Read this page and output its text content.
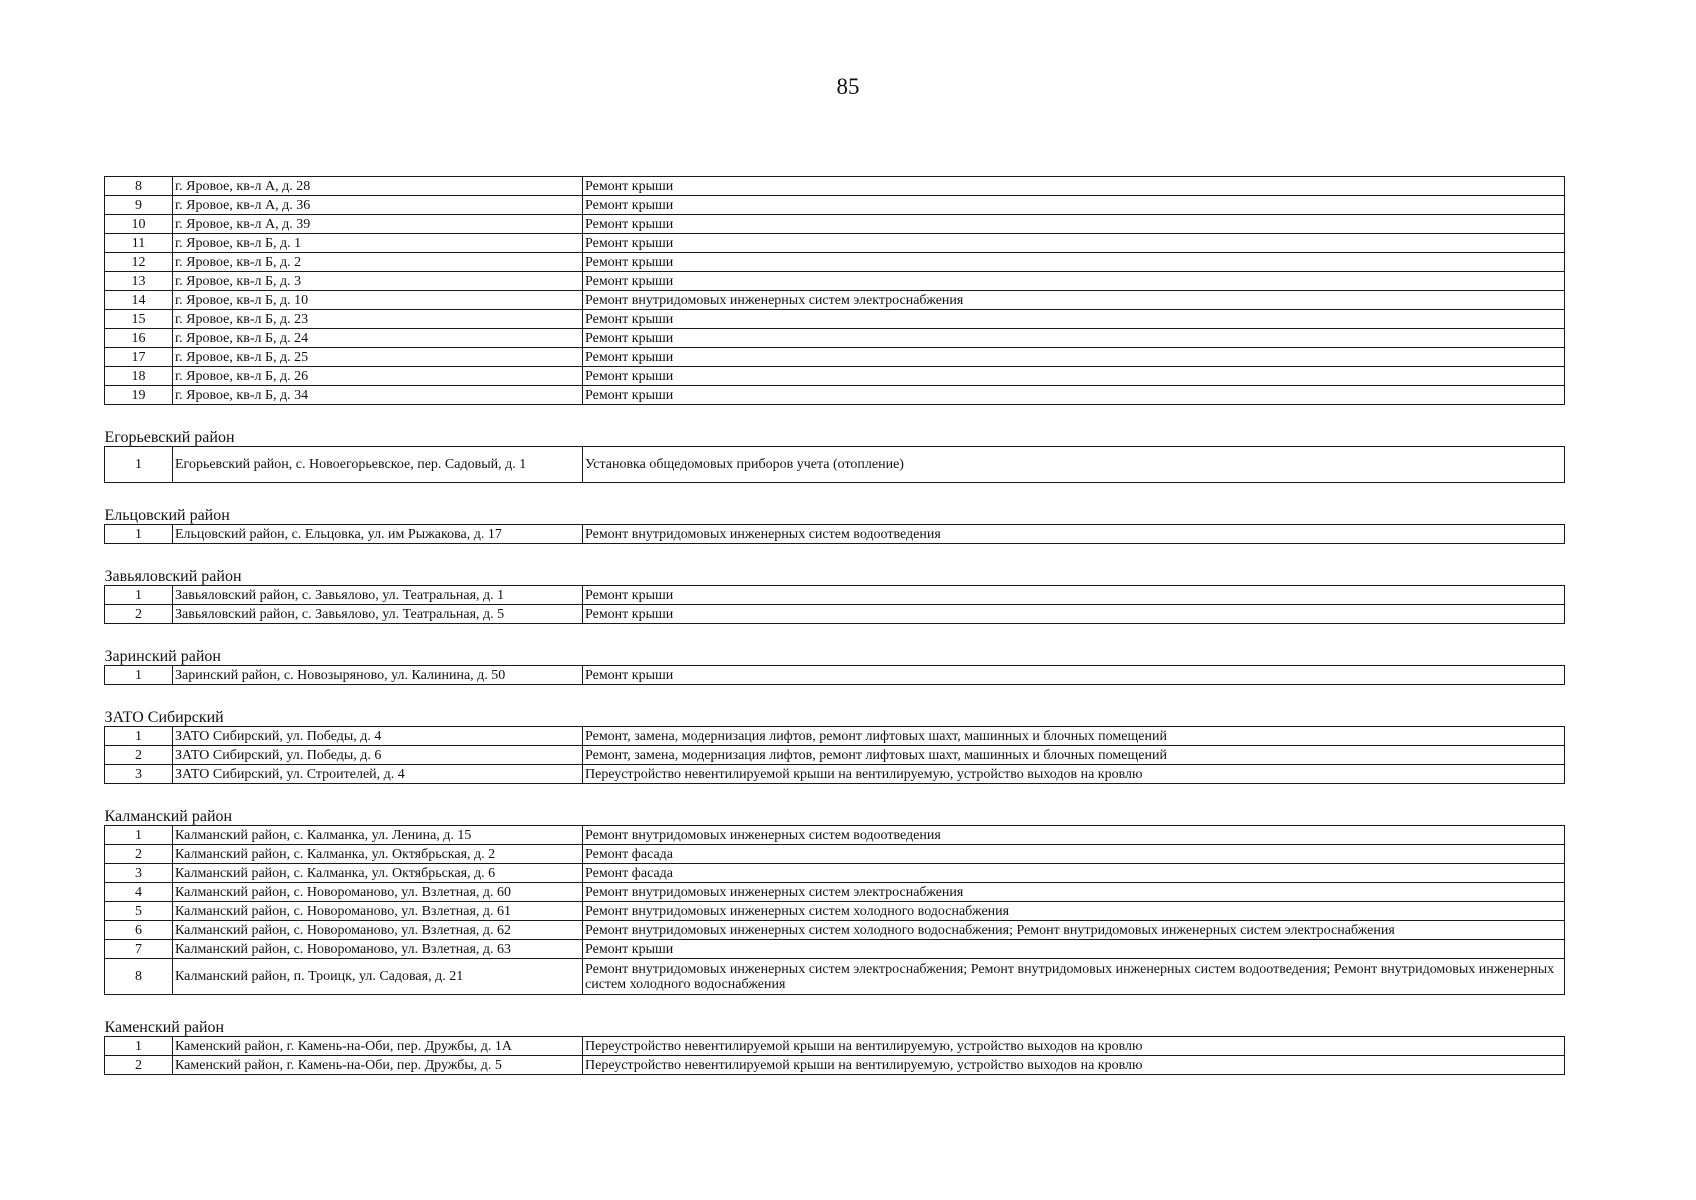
85
8	г. Яровое, кв-л А, д. 28	Ремонт крыши
9	г. Яровое, кв-л А, д. 36	Ремонт крыши
10	г. Яровое, кв-л А, д. 39	Ремонт крыши
11	г. Яровое, кв-л Б, д. 1	Ремонт крыши
12	г. Яровое, кв-л Б, д. 2	Ремонт крыши
13	г. Яровое, кв-л Б, д. 3	Ремонт крыши
14	г. Яровое, кв-л Б, д. 10	Ремонт внутридомовых инженерных систем электроснабжения
15	г. Яровое, кв-л Б, д. 23	Ремонт крыши
16	г. Яровое, кв-л Б, д. 24	Ремонт крыши
17	г. Яровое, кв-л Б, д. 25	Ремонт крыши
18	г. Яровое, кв-л Б, д. 26	Ремонт крыши
19	г. Яровое, кв-л Б, д. 34	Ремонт крыши

Егорьевский район		
1	Егорьевский район, с. Новоегорьевское, пер. Садовый, д. 1	Установка общедомовых приборов учета (отопление)

Ельцовский район		
1	Ельцовский район, с. Ельцовка, ул. им Рыжакова, д. 17	Ремонт внутридомовых инженерных систем водоотведения

Завьяловский район		
1	Завьяловский район, с. Завьялово, ул. Театральная, д. 1	Ремонт крыши
2	Завьяловский район, с. Завьялово, ул. Театральная, д. 5	Ремонт крыши

Заринский район		
1	Заринский район, с. Новозыряново, ул. Калинина, д. 50	Ремонт крыши

ЗАТО Сибирский		
1	ЗАТО Сибирский, ул. Победы, д. 4	Ремонт, замена, модернизация лифтов, ремонт лифтовых шахт, машинных и блочных помещений
2	ЗАТО Сибирский, ул. Победы, д. 6	Ремонт, замена, модернизация лифтов, ремонт лифтовых шахт, машинных и блочных помещений
3	ЗАТО Сибирский, ул. Строителей, д. 4	Переустройство невентилируемой крыши на вентилируемую, устройство выходов на кровлю

Калманский район		
1	Калманский район, с. Калманка, ул. Ленина, д. 15	Ремонт внутридомовых инженерных систем водоотведения
2	Калманский район, с. Калманка, ул. Октябрьская, д. 2	Ремонт фасада
3	Калманский район, с. Калманка, ул. Октябрьская, д. 6	Ремонт фасада
4	Калманский район, с. Новороманово, ул. Взлетная, д. 60	Ремонт внутридомовых инженерных систем электроснабжения
5	Калманский район, с. Новороманово, ул. Взлетная, д. 61	Ремонт внутридомовых инженерных систем холодного водоснабжения
6	Калманский район, с. Новороманово, ул. Взлетная, д. 62	Ремонт внутридомовых инженерных систем холодного водоснабжения; Ремонт внутридомовых инженерных систем электроснабжения
7	Калманский район, с. Новороманово, ул. Взлетная, д. 63	Ремонт крыши
8	Калманский район, п. Троицк, ул. Садовая, д. 21	Ремонт внутридомовых инженерных систем электроснабжения; Ремонт внутридомовых инженерных систем водоотведения; Ремонт внутридомовых инженерных систем холодного водоснабжения

Каменский район		
1	Каменский район, г. Камень-на-Оби, пер. Дружбы, д. 1А	Переустройство невентилируемой крыши на вентилируемую, устройство выходов на кровлю
2	Каменский район, г. Камень-на-Оби, пер. Дружбы, д. 5	Переустройство невентилируемой крыши на вентилируемую, устройство выходов на кровлю
